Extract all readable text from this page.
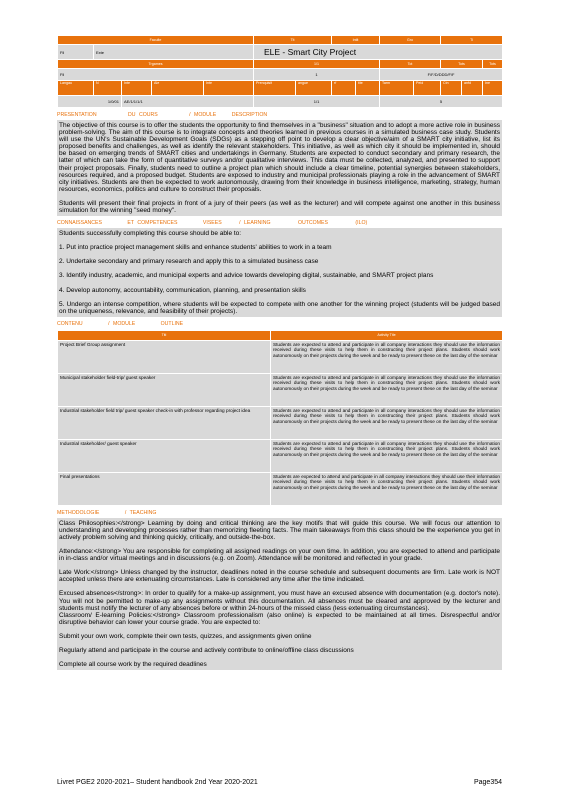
Faculte					Tit		Intit		Gro		Ti		
Fil	Exte				ELE - Smart City Project								
Trgames					1/1				Tot		Tots		Tots
Fil					1				F/F/D/DDD/F/F				
Langau	N	Inte	Ale	Inte	Prenquisit	angue	rf	tite	Tarm	Peid	Ctn	anfd	Ine
1/0/01		AE/1/1/1/1			1/1				5				
PRESENTATION	DU COURS	/ MODULE	DESCRIPTION

The objective of this course is to offer the students the opportunity to find themselves in a "business" situation and to adopt a more active role in business problem-solving. The aim of this course is to integrate concepts and theories learned in previous courses in a simulated business case study. Students will use the UN's Sustainable Development Goals (SDGs) as a stepping off point to develop a clear objective/aim of a SMART city initiative, list its proposed benefits and challenges, as well as identify the relevant stakeholders. This initiative, as well as which city it should be implemented in, should be based on emerging trends of SMART cities and undertakings in Germany. Students are expected to conduct secondary and primary research, the latter of which can take the form of quantitative surveys and/or qualitative interviews. This data must be collected, analyzed, and presented to support their project proposals. Finally, students need to outline a project plan which should include a clear timeline, potential synergies between stakeholders, resources required, and a proposed budget. Students are exposed to industry and municipal professionals playing a role in the advancement of SMART city initiatives. Students are then be expected to work autonomously, drawing from their knowledge in business intelligence, marketing, strategy, human resources, economics, politics and culture to construct their proposals.

Students will present their final projects in front of a jury of their peers (as well as the lecturer) and will compete against one another in this business simulation for the winning "seed money".

CONNAISSANCES	ET COMPETENCES	VISEES	/ LEARNING	OUTCOMES	(ILO)

Students successfully completing this course should be able to:

1. Put into practice project management skills and enhance students' abilities to work in a team

2. Undertake secondary and primary research and apply this to a simulated business case

3. Identify industry, academic, and municipal experts and advice towards developing digital, sustainable, and SMART project plans

4. Develop autonomy, accountability, communication, planning, and presentation skills

5. Undergo an intense competition, where students will be expected to compete with one another for the winning project (students will be judged based on the uniqueness, relevance, and feasibility of their projects).

CONTENU	/ MODULE	OUTLINE
Titi	Activity Ttle
Project Brief Group assignment	Students are expected to attend and participate in all company interactions they should use the information received during these visits to help them in constructing their project plans. Students should work autonomously on their projects during the week and be ready to present these on the last day of the seminar
Municipal stakeholder field-trip/ guest speaker	Students are expected to attend and participate in all company interactions they should use the information received during these visits to help them in constructing their project plans. Students should work autonomously on their projects during the week and be ready to present these on the last day of the seminar
Industrial stakeholder field trip/ guest speaker check-in with professor regarding project idea	Students are expected to attend and participate in all company interactions they should use the information received during these visits to help them in constructing their project plans. Students should work autonomously on their projects during the week and be ready to present these on the last day of the seminar
Industrial stakeholder/ guest speaker	Students are expected to attend and participate in all company interactions they should use the information received during these visits to help them in constructing their project plans. Students should work autonomously on their projects during the week and be ready to present these on the last day of the seminar
Final presentations	Students are expected to attend and participate in all company interactions they should use their information received during these visits to help them in constructing their project plans. Students should work autonomously on their projects during the week and be ready to present these on the last day of the seminar
METHODOLOGIE	/ TEACHING

Class Philosophies:</strong> Learning by doing and critical thinking are the key motifs that will guide this course. We will focus our attention to understanding and developing processes rather than memorizing fleeting facts. The main takeaways from this class should be the experience you get in actively problem solving and thinking quickly, critically, and outside-the-box.

Attendance:</strong> You are responsible for completing all assigned readings on your own time. In addition, you are expected to attend and participate in in-class and/or virtual meetings and in discussions (e.g. on Zoom). Attendance will be monitored and reflected in your grade.

Late Work:</strong> Unless changed by the instructor, deadlines noted in the course schedule and subsequent documents are firm. Late work is NOT accepted unless there are extenuating circumstances. Late is considered any time after the time indicated.

Excused absences</strong>: In order to qualify for a make-up assignment, you must have an excused absence with documentation (e.g. doctor's note). You will not be permitted to make-up any assignments without this documentation. All absences must be cleared and approved by the lecturer and students must notify the lecturer of any absences before or within 24-hours of the missed class (less extenuating circumstances).

Classroom/ E-learning Policies:</strong> Classroom professionalism (also online) is expected to be maintained at all times. Disrespectful and/or disruptive behavior can lower your course grade. You are expected to:

Submit your own work, complete their own tests, quizzes, and assignments given online

Regularly attend and participate in the course and actively contribute to online/offline class discussions

Complete all course work by the required deadlines

Livret PGE2 2020-2021– Student handbook 2nd Year 2020-2021	Page354
